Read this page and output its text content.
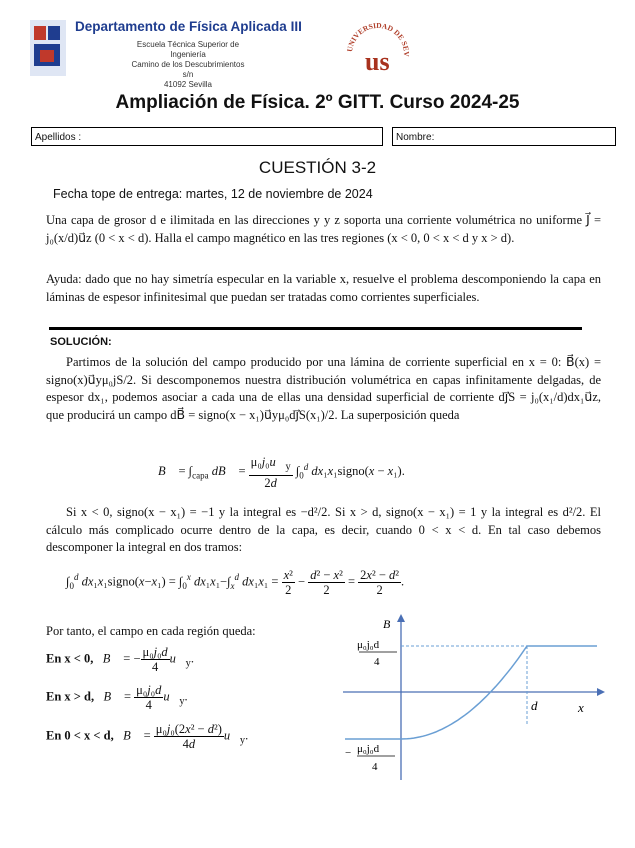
Departamento de Física Aplicada III
Escuela Técnica Superior de Ingeniería
Camino de los Descubrimientos s/n
41092 Sevilla
UNIVERSIDAD DE SEV
us
Ampliación de Física. 2º GITT. Curso 2024-25
Apellidos :	Nombre:
CUESTIÓN 3-2
Fecha tope de entrega: martes, 12 de noviembre de 2024
Una capa de grosor d e ilimitada en las direcciones y y z soporta una corriente volumétrica no uniforme J⃗ = j₀(x/d)u⃗z (0 < x < d). Halla el campo magnético en las tres regiones (x < 0, 0 < x < d y x > d).
Ayuda: dado que no hay simetría especular en la variable x, resuelve el problema descomponiendo la capa en láminas de espesor infinitesimal que puedan ser tratadas como corrientes superficiales.
SOLUCIÓN:
Partimos de la solución del campo producido por una lámina de corriente superficial en x = 0: B⃗(x) = signo(x)u⃗yμ₀jS/2. Si descomponemos nuestra distribución volumétrica en capas infinitamente delgadas, de espesor dx₁, podemos asociar a cada una de ellas una densidad superficial de corriente dj⃗S = j₀(x₁/d)dx₁u⃗z, que producirá un campo dB⃗ = signo(x − x₁)u⃗yμ₀dj⃗S(x₁)/2. La superposición queda
B⃗ = $\int_{capa}$ dB⃗ = $\frac{\mu_0j_0u⃗_y}{2d} \int_0^d$ dx₁x₁signo(x − x₁).
Si x < 0, signo(x − x₁) = −1 y la integral es −d²/2. Si x > d, signo(x − x₁) = 1 y la integral es d²/2. El cálculo más complicado ocurre dentro de la capa, es decir, cuando 0 < x < d. En tal caso debemos descomponer la integral en dos tramos:
$\int_0^d$ dx₁x₁signo(x−x₁) = $\int_0^x$ $dx_1x_1-\int_x^d$ $dx_1x_1 = \frac{\text{x²}}{2} - \frac{\text{d² − x²}}{2} = \frac{\text{2x² − d²}}{2}$ .
Por tanto, el campo en cada región queda:
En x < 0, B⃗ = − $\frac{\text{μ₀j₀d}}{4}$ $u⃗_y$.
En x > d, B⃗ = $\frac{\text{μ₀j₀d}}{4}$ $u⃗_y$.
En 0 < x < d, B⃗ = $\frac{\text{μ₀j₀(2x² − d²)}}{4d}$ $u⃗_y$.
B
x
d
μ₀j₀d
4
− μ₀j₀d
4
